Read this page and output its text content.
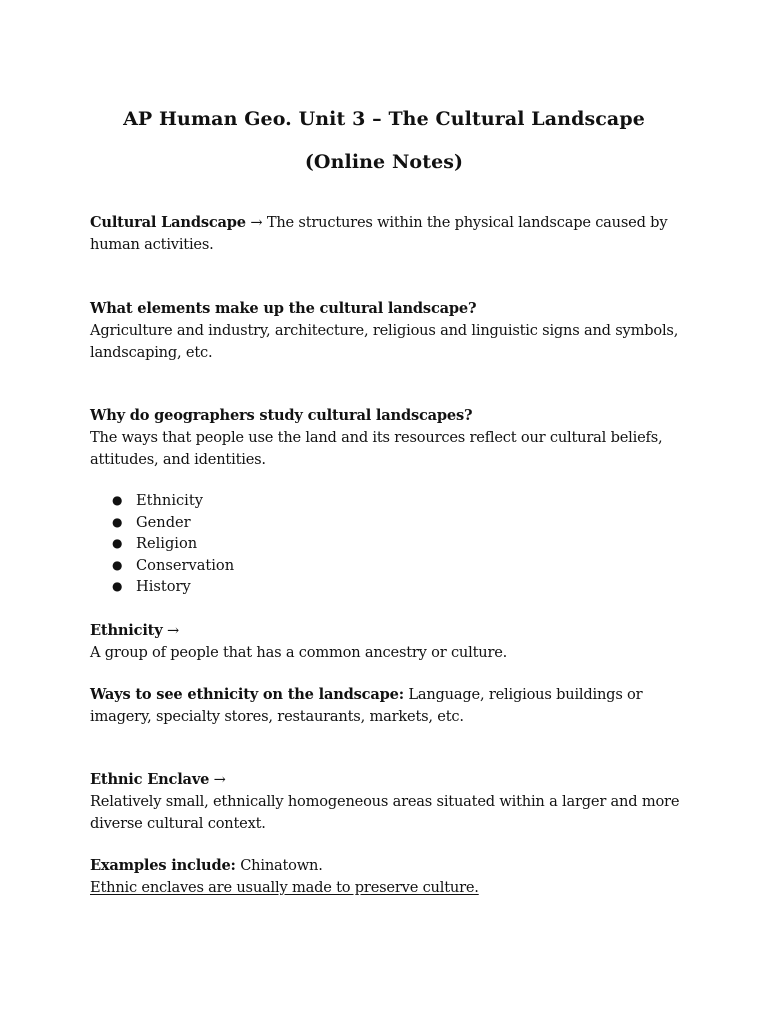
AP Human Geo. Unit 3 – The Cultural Landscape
(Online Notes)
Cultural Landscape → The structures within the physical landscape caused by human activities.
What elements make up the cultural landscape?
Agriculture and industry, architecture, religious and linguistic signs and symbols, landscaping, etc.
Why do geographers study cultural landscapes?
The ways that people use the land and its resources reflect our cultural beliefs, attitudes, and identities.
● Ethnicity
● Gender
● Religion
● Conservation
● History
Ethnicity →
A group of people that has a common ancestry or culture.
Ways to see ethnicity on the landscape: Language, religious buildings or imagery, specialty stores, restaurants, markets, etc.
Ethnic Enclave →
Relatively small, ethnically homogeneous areas situated within a larger and more diverse cultural context.
Examples include: Chinatown.
Ethnic enclaves are usually made to preserve culture.
